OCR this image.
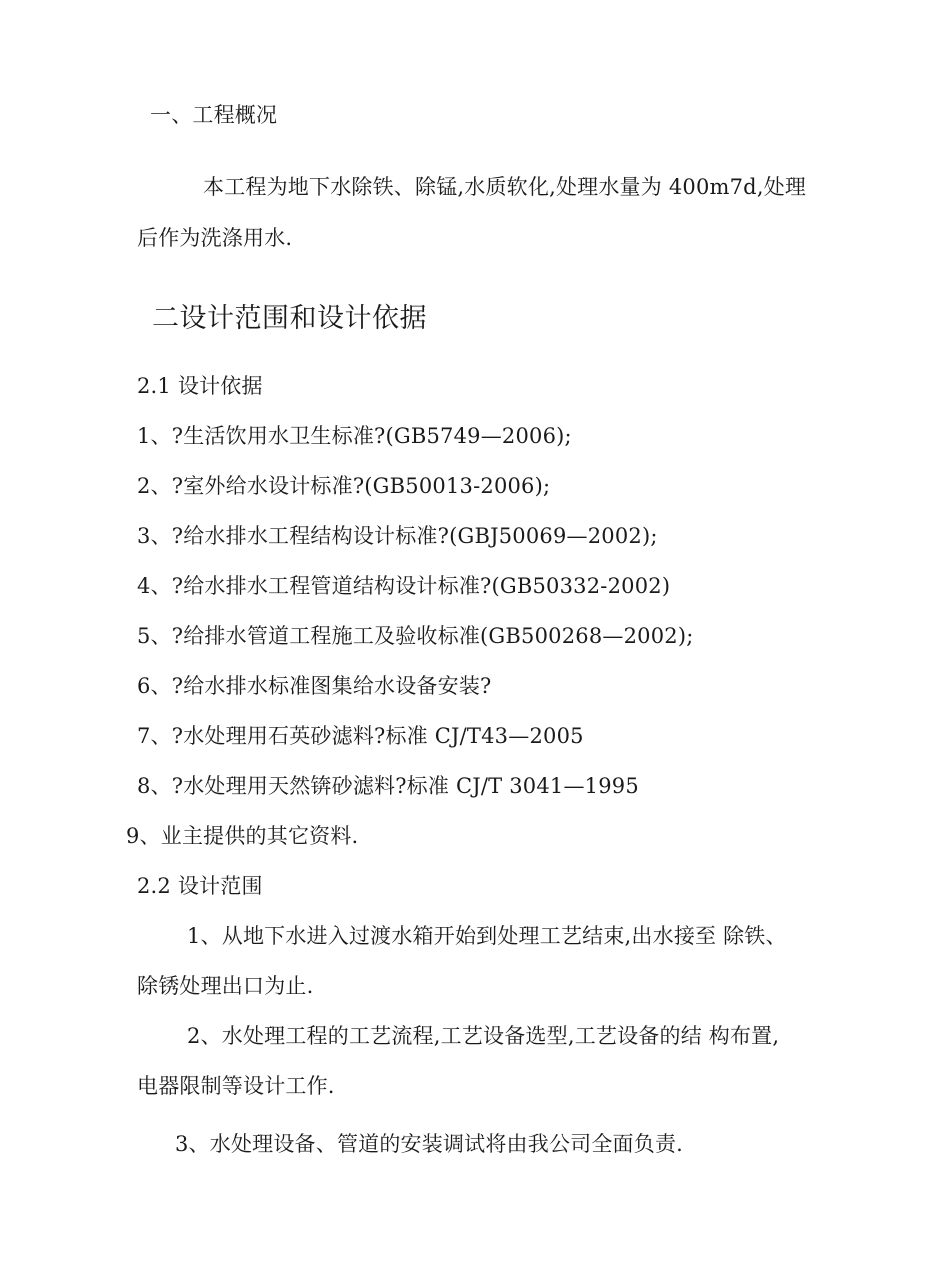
一、工程概况
本工程为地下水除铁、除锰,水质软化,处理水量为 400m7d,处理
后作为洗涤用水.
二设计范围和设计依据
2.1 设计依据
1、?生活饮用水卫生标准?(GB5749—2006);
2、?室外给水设计标准?(GB50013-2006);
3、?给水排水工程结构设计标准?(GBJ50069—2002);
4、?给水排水工程管道结构设计标准?(GB50332-2002)
5、?给排水管道工程施工及验收标准(GB500268—2002);
6、?给水排水标准图集给水设备安装?
7、?水处理用石英砂滤料?标准 CJ/T43—2005
8、?水处理用天然锛砂滤料?标准 CJ/T 3041—1995
9、业主提供的其它资料.
2.2 设计范围
1、从地下水进入过渡水箱开始到处理工艺结束,出水接至 除铁、
除锈处理出口为止.
2、水处理工程的工艺流程,工艺设备选型,工艺设备的结 构布置,
电器限制等设计工作.
3、水处理设备、管道的安装调试将由我公司全面负责.
